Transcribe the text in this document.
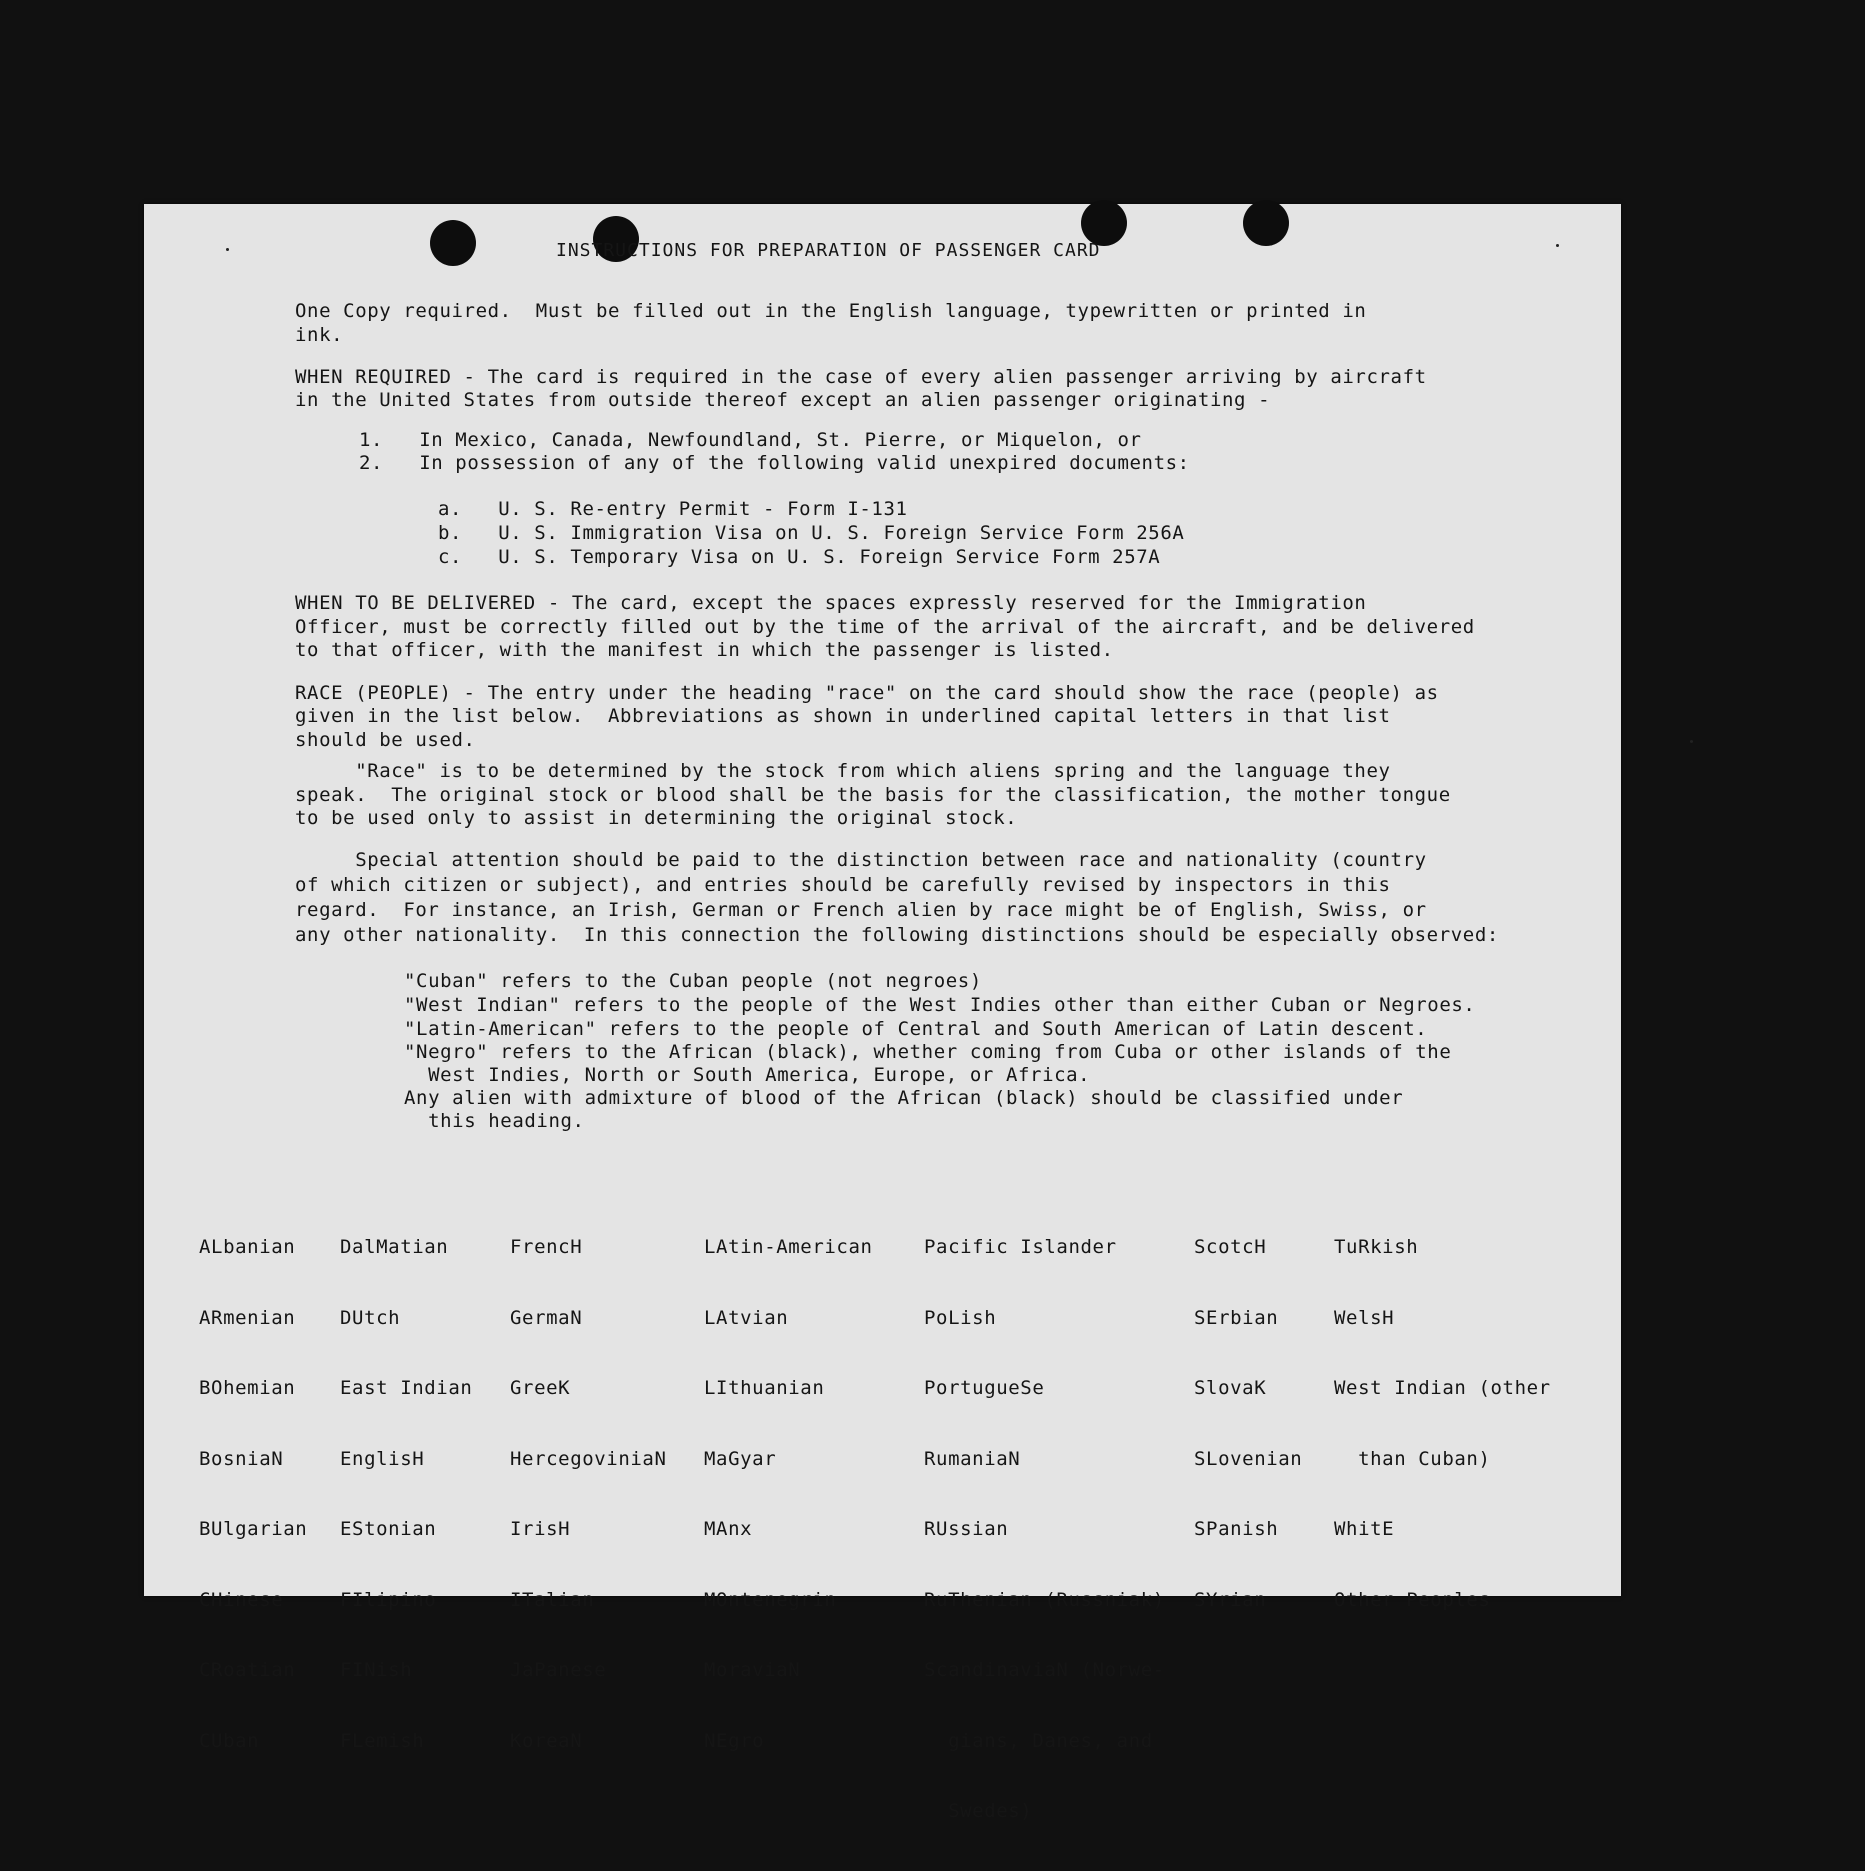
INSTRUCTIONS FOR PREPARATION OF PASSENGER CARD
One Copy required.  Must be filled out in the English language, typewritten or printed in
ink.
WHEN REQUIRED - The card is required in the case of every alien passenger arriving by aircraft
in the United States from outside thereof except an alien passenger originating -
1.   In Mexico, Canada, Newfoundland, St. Pierre, or Miquelon, or
2.   In possession of any of the following valid unexpired documents:
a.   U. S. Re-entry Permit - Form I-131
b.   U. S. Immigration Visa on U. S. Foreign Service Form 256A
c.   U. S. Temporary Visa on U. S. Foreign Service Form 257A
WHEN TO BE DELIVERED - The card, except the spaces expressly reserved for the Immigration
Officer, must be correctly filled out by the time of the arrival of the aircraft, and be delivered
to that officer, with the manifest in which the passenger is listed.
RACE (PEOPLE) - The entry under the heading "race" on the card should show the race (people) as
given in the list below.  Abbreviations as shown in underlined capital letters in that list
should be used.
"Race" is to be determined by the stock from which aliens spring and the language they
speak.  The original stock or blood shall be the basis for the classification, the mother tongue
to be used only to assist in determining the original stock.
Special attention should be paid to the distinction between race and nationality (country
of which citizen or subject), and entries should be carefully revised by inspectors in this
regard.  For instance, an Irish, German or French alien by race might be of English, Swiss, or
any other nationality.  In this connection the following distinctions should be especially observed:
"Cuban" refers to the Cuban people (not negroes)
"West Indian" refers to the people of the West Indies other than either Cuban or Negroes.
"Latin-American" refers to the people of Central and South American of Latin descent.
"Negro" refers to the African (black), whether coming from Cuba or other islands of the
West Indies, North or South America, Europe, or Africa.
Any alien with admixture of blood of the African (black) should be classified under
this heading.

ALbanian

ARmenian

BOhemian

BosniaN

BUlgarian

CHinese

CRoatian

CUban

DalMatian

DUtch

East Indian

EnglisH

EStonian

FIlipino

FINish

FLemish

FrencH

GermaN

GreeK

HercegoviniaN

IrisH

ITalian

JaPanese

KoreaN

LAtin-American

LAtvian

LIthuanian

MaGyar

MAnx

MOntenegrin

MoraviaN

NEgro

Pacific Islander

PoLish

PortugueSe

RumaniaN

RUssian

RuThenian (Russniak)

ScandinaviaN (Norwe-

gians, Danes, and

Swedes)

ScotcH

SErbian

SlovaK

SLovenian

SPanish

SYrian

TuRkish

WelsH

West Indian (other

than Cuban)

WhitE

Other Peoples
